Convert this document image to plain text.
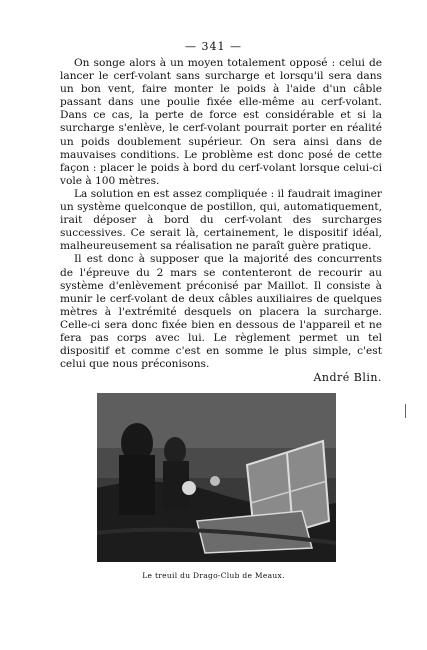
— 341 —

On songe alors à un moyen totalement opposé : celui de lancer le cerf-volant sans surcharge et lorsqu'il sera dans un bon vent, faire monter le poids à l'aide d'un câble passant dans une poulie fixée elle-même au cerf-volant. Dans ce cas, la perte de force est considérable et si la surcharge s'enlève, le cerf-volant pourrait porter en réalité un poids doublement supérieur. On sera ainsi dans de mauvaises conditions. Le problème est donc posé de cette façon : placer le poids à bord du cerf-volant lorsque celui-ci vole à 100 mètres.

La solution en est assez compliquée : il faudrait imaginer un système quelconque de postillon, qui, automatiquement, irait déposer à bord du cerf-volant des surcharges successives. Ce serait là, certainement, le dispositif idéal, malheureusement sa réalisation ne paraît guère pratique.

Il est donc à supposer que la majorité des concurrents de l'épreuve du 2 mars se contenteront de recourir au système d'enlèvement préconisé par Maillot. Il consiste à munir le cerf-volant de deux câbles auxiliaires de quelques mètres à l'extrémité desquels on placera la surcharge. Celle-ci sera donc fixée bien en dessous de l'appareil et ne fera pas corps avec lui. Le règlement permet un tel dispositif et comme c'est en somme le plus simple, c'est celui que nous préconisons.

André Blin.

Le treuil du Drago-Club de Meaux.
